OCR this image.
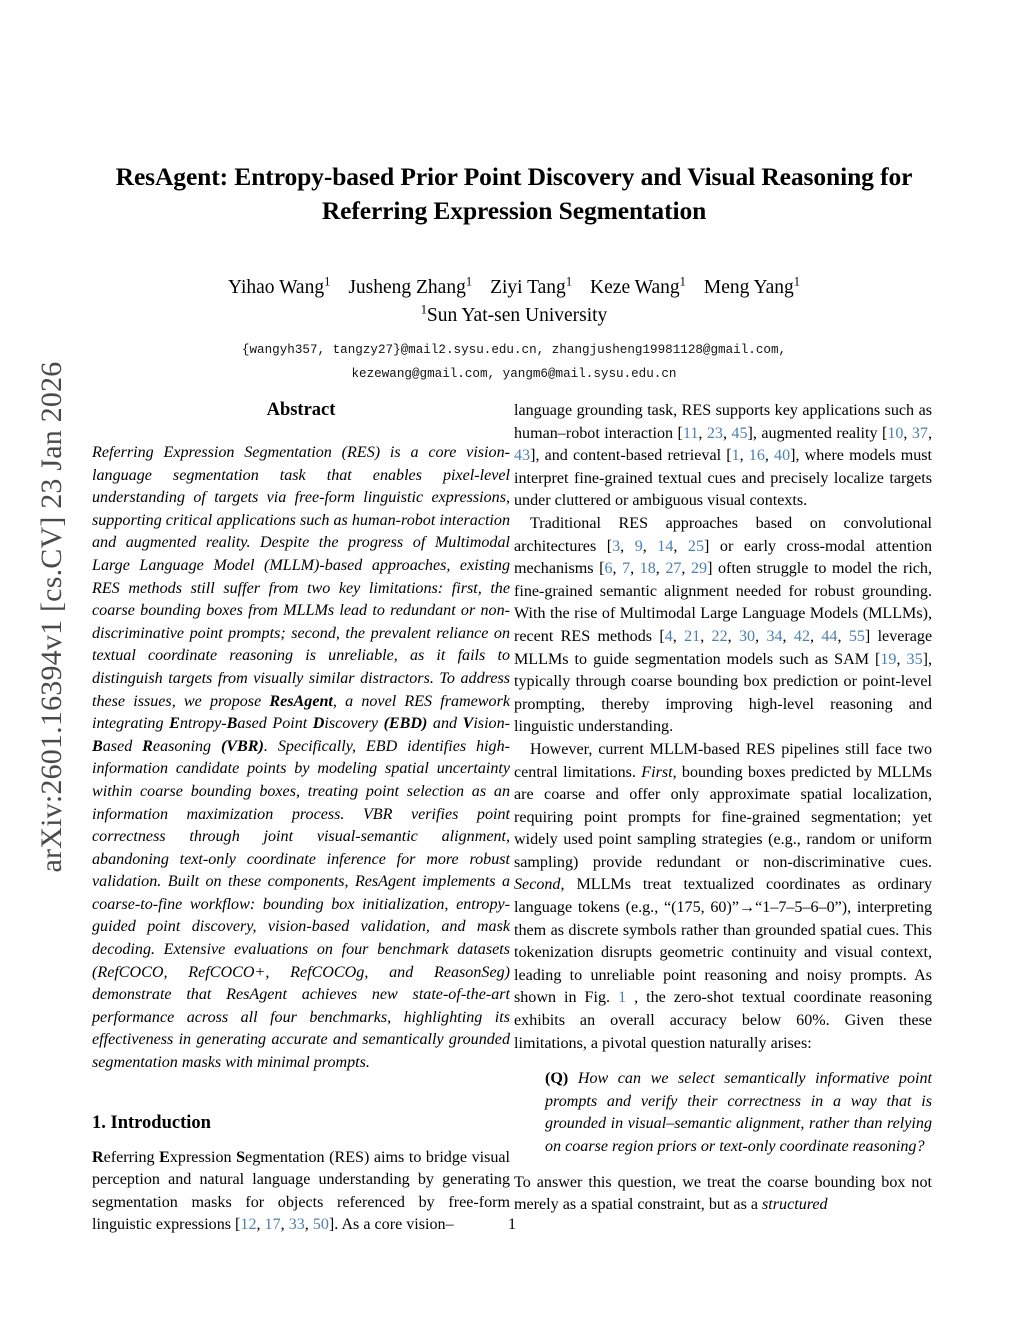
arXiv:2601.16394v1 [cs.CV] 23 Jan 2026
ResAgent: Entropy-based Prior Point Discovery and Visual Reasoning for Referring Expression Segmentation
Yihao Wang$^1$ Jusheng Zhang$^1$ Ziyi Tang$^1$ Keze Wang$^1$ Meng Yang$^1$
$^1$Sun Yat-sen University
{wangyh357, tangzy27}@mail2.sysu.edu.cn, zhangjusheng19981128@gmail.com,
kezewang@gmail.com, yangm6@mail.sysu.edu.cn
Abstract

Referring Expression Segmentation (RES) is a core vision-language segmentation task that enables pixel-level understanding of targets via free-form linguistic expressions, supporting critical applications such as human-robot interaction and augmented reality. Despite the progress of Multimodal Large Language Model (MLLM)-based approaches, existing RES methods still suffer from two key limitations: first, the coarse bounding boxes from MLLMs lead to redundant or non-discriminative point prompts; second, the prevalent reliance on textual coordinate reasoning is unreliable, as it fails to distinguish targets from visually similar distractors. To address these issues, we propose ResAgent, a novel RES framework integrating Entropy-Based Point Discovery (EBD) and Vision-Based Reasoning (VBR). Specifically, EBD identifies high-information candidate points by modeling spatial uncertainty within coarse bounding boxes, treating point selection as an information maximization process. VBR verifies point correctness through joint visual-semantic alignment, abandoning text-only coordinate inference for more robust validation. Built on these components, ResAgent implements a coarse-to-fine workflow: bounding box initialization, entropy-guided point discovery, vision-based validation, and mask decoding. Extensive evaluations on four benchmark datasets (RefCOCO, RefCOCO+, RefCOCOg, and ReasonSeg) demonstrate that ResAgent achieves new state-of-the-art performance across all four benchmarks, highlighting its effectiveness in generating accurate and semantically grounded segmentation masks with minimal prompts.

1. Introduction

Referring Expression Segmentation (RES) aims to bridge visual perception and natural language understanding by generating segmentation masks for objects referenced by free-form linguistic expressions [12, 17, 33, 50]. As a core vision–

language grounding task, RES supports key applications such as human–robot interaction [11, 23, 45], augmented reality [10, 37, 43], and content-based retrieval [1, 16, 40], where models must interpret fine-grained textual cues and precisely localize targets under cluttered or ambiguous visual contexts.

Traditional RES approaches based on convolutional architectures [3, 9, 14, 25] or early cross-modal attention mechanisms [6, 7, 18, 27, 29] often struggle to model the rich, fine-grained semantic alignment needed for robust grounding. With the rise of Multimodal Large Language Models (MLLMs), recent RES methods [4, 21, 22, 30, 34, 42, 44, 55] leverage MLLMs to guide segmentation models such as SAM [19, 35], typically through coarse bounding box prediction or point-level prompting, thereby improving high-level reasoning and linguistic understanding.

However, current MLLM-based RES pipelines still face two central limitations. First, bounding boxes predicted by MLLMs are coarse and offer only approximate spatial localization, requiring point prompts for fine-grained segmentation; yet widely used point sampling strategies (e.g., random or uniform sampling) provide redundant or non-discriminative cues. Second, MLLMs treat textualized coordinates as ordinary language tokens (e.g., “(175, 60)”→“1–7–5–6–0”), interpreting them as discrete symbols rather than grounded spatial cues. This tokenization disrupts geometric continuity and visual context, leading to unreliable point reasoning and noisy prompts. As shown in Fig. 1 , the zero-shot textual coordinate reasoning exhibits an overall accuracy below 60%. Given these limitations, a pivotal question naturally arises:

(Q) How can we select semantically informative point prompts and verify their correctness in a way that is grounded in visual–semantic alignment, rather than relying on coarse region priors or text-only coordinate reasoning?

To answer this question, we treat the coarse bounding box not merely as a spatial constraint, but as a structured

1
